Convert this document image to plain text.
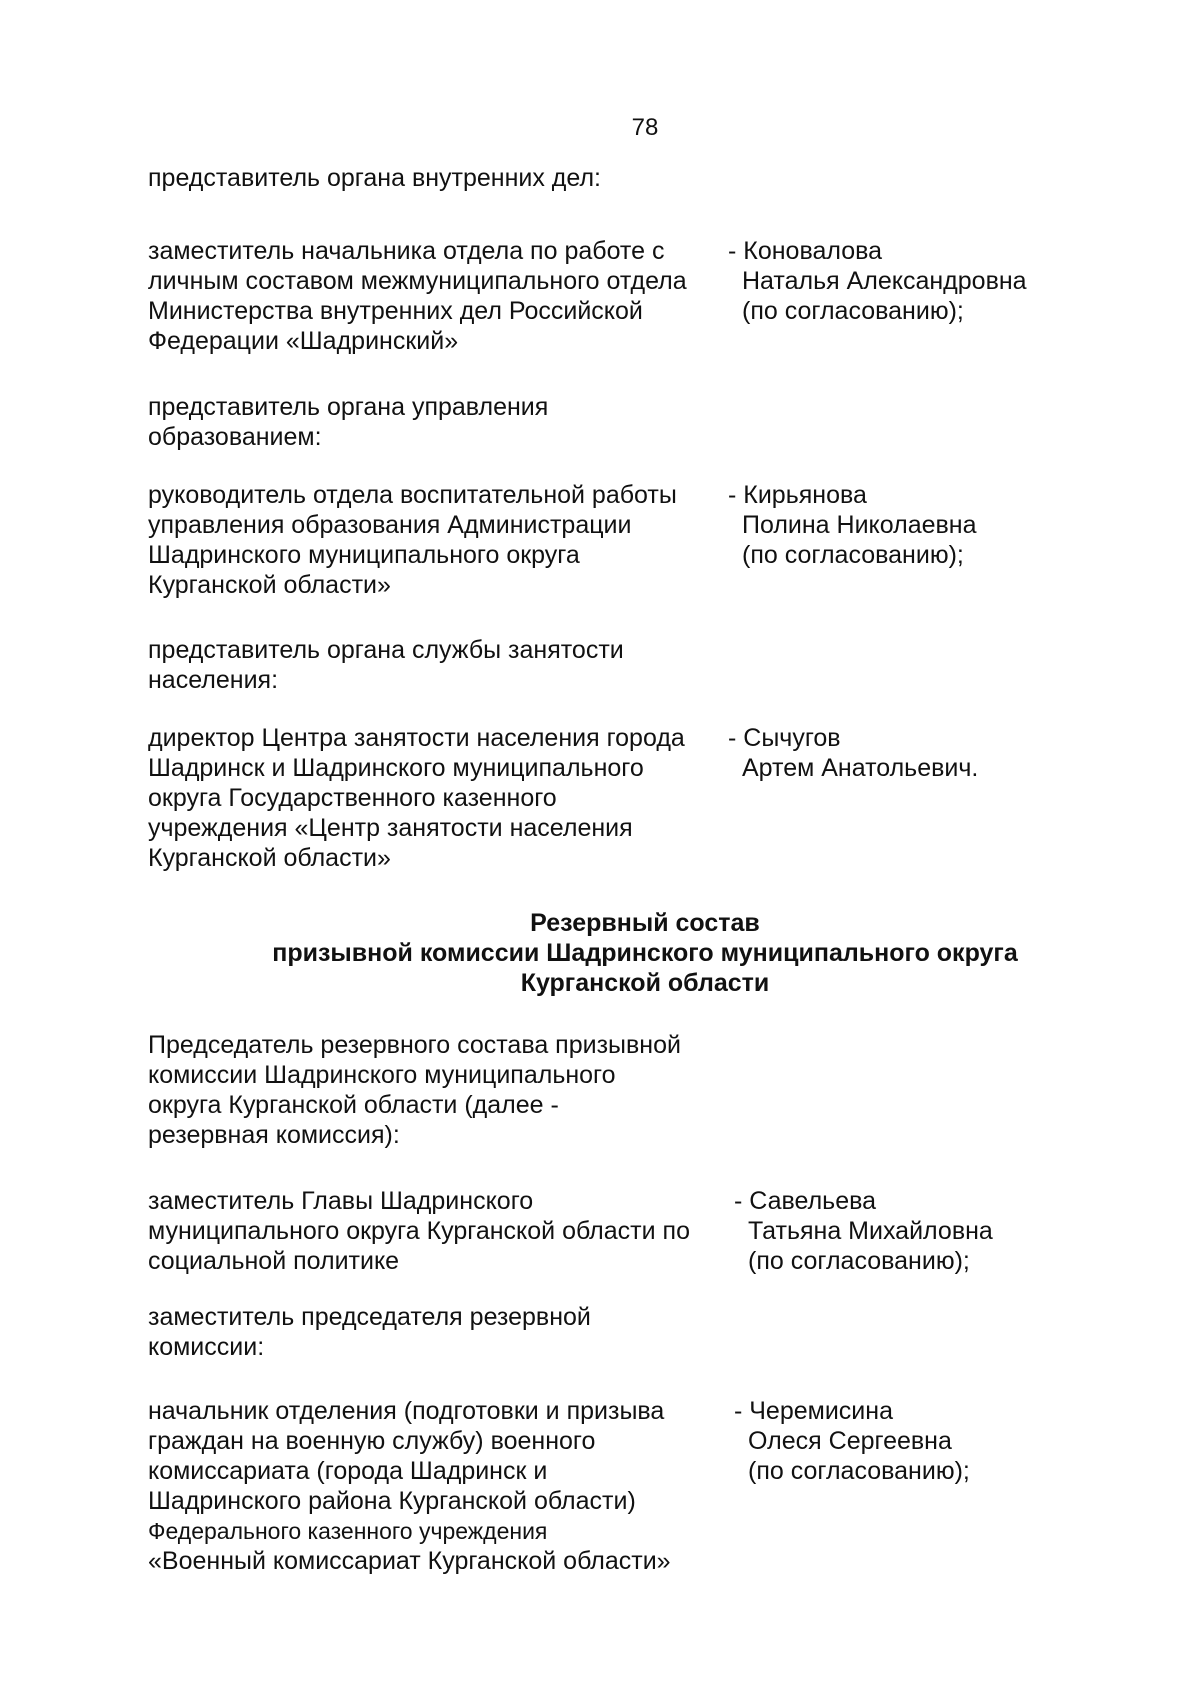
78
представитель органа внутренних дел:
заместитель начальника отдела по работе с
личным составом межмуниципального отдела
Министерства внутренних дел Российской
Федерации «Шадринский»
- Коновалова
Наталья Александровна
(по согласованию);
представитель органа управления
образованием:
руководитель отдела воспитательной работы
управления образования Администрации
Шадринского муниципального округа
Курганской области»
- Кирьянова
Полина Николаевна
(по согласованию);
представитель органа службы занятости
населения:
директор Центра занятости населения города
Шадринск и Шадринского муниципального
округа Государственного казенного
учреждения «Центр занятости населения
Курганской области»
- Сычугов
Артем Анатольевич.
Резервный состав
призывной комиссии Шадринского муниципального округа
Курганской области
Председатель резервного состава призывной
комиссии Шадринского муниципального
округа Курганской области (далее -
резервная комиссия):
заместитель Главы Шадринского
муниципального округа Курганской области по
социальной политике
- Савельева
Татьяна Михайловна
(по согласованию);
заместитель председателя резервной
комиссии:
начальник отделения (подготовки и призыва
граждан на военную службу) военного
комиссариата (города Шадринск и
Шадринского района Курганской области)
Федерального казенного учреждения
«Военный комиссариат Курганской области»
- Черемисина
Олеся Сергеевна
(по согласованию);
